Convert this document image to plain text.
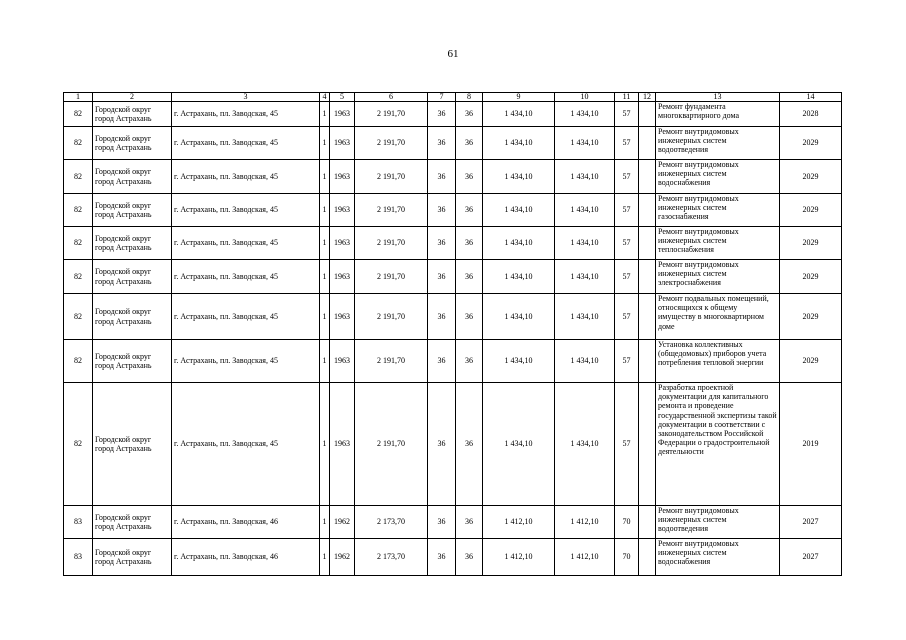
61
1	2	3	4	5	6	7	8	9	10	11	12	13	14
82	Городской округ город Астрахань	г. Астрахань, пл. Заводская, 45	1	1963	2 191,70	36	36	1 434,10	1 434,10	57		Ремонт фундамента многоквартирного дома	2028
82	Городской округ город Астрахань	г. Астрахань, пл. Заводская, 45	1	1963	2 191,70	36	36	1 434,10	1 434,10	57		Ремонт внутридомовых инженерных систем водоотведения	2029
82	Городской округ город Астрахань	г. Астрахань, пл. Заводская, 45	1	1963	2 191,70	36	36	1 434,10	1 434,10	57		Ремонт внутридомовых инженерных систем водоснабжения	2029
82	Городской округ город Астрахань	г. Астрахань, пл. Заводская, 45	1	1963	2 191,70	36	36	1 434,10	1 434,10	57		Ремонт внутридомовых инженерных систем газоснабжения	2029
82	Городской округ город Астрахань	г. Астрахань, пл. Заводская, 45	1	1963	2 191,70	36	36	1 434,10	1 434,10	57		Ремонт внутридомовых инженерных систем теплоснабжения	2029
82	Городской округ город Астрахань	г. Астрахань, пл. Заводская, 45	1	1963	2 191,70	36	36	1 434,10	1 434,10	57		Ремонт внутридомовых инженерных систем электроснабжения	2029
82	Городской округ город Астрахань	г. Астрахань, пл. Заводская, 45	1	1963	2 191,70	36	36	1 434,10	1 434,10	57		Ремонт подвальных помещений, относящихся к общему имуществу в многоквартирном доме	2029
82	Городской округ город Астрахань	г. Астрахань, пл. Заводская, 45	1	1963	2 191,70	36	36	1 434,10	1 434,10	57		Установка коллективных (общедомовых) приборов учета потребления тепловой энергии	2029
82	Городской округ город Астрахань	г. Астрахань, пл. Заводская, 45	1	1963	2 191,70	36	36	1 434,10	1 434,10	57		Разработка проектной документации для капитального ремонта и проведение государственной экспертизы такой документации в соответствии с законодательством Российской Федерации о градостроительной деятельности	2019
83	Городской округ город Астрахань	г. Астрахань, пл. Заводская, 46	1	1962	2 173,70	36	36	1 412,10	1 412,10	70		Ремонт внутридомовых инженерных систем водоотведения	2027
83	Городской округ город Астрахань	г. Астрахань, пл. Заводская, 46	1	1962	2 173,70	36	36	1 412,10	1 412,10	70		Ремонт внутридомовых инженерных систем водоснабжения	2027
